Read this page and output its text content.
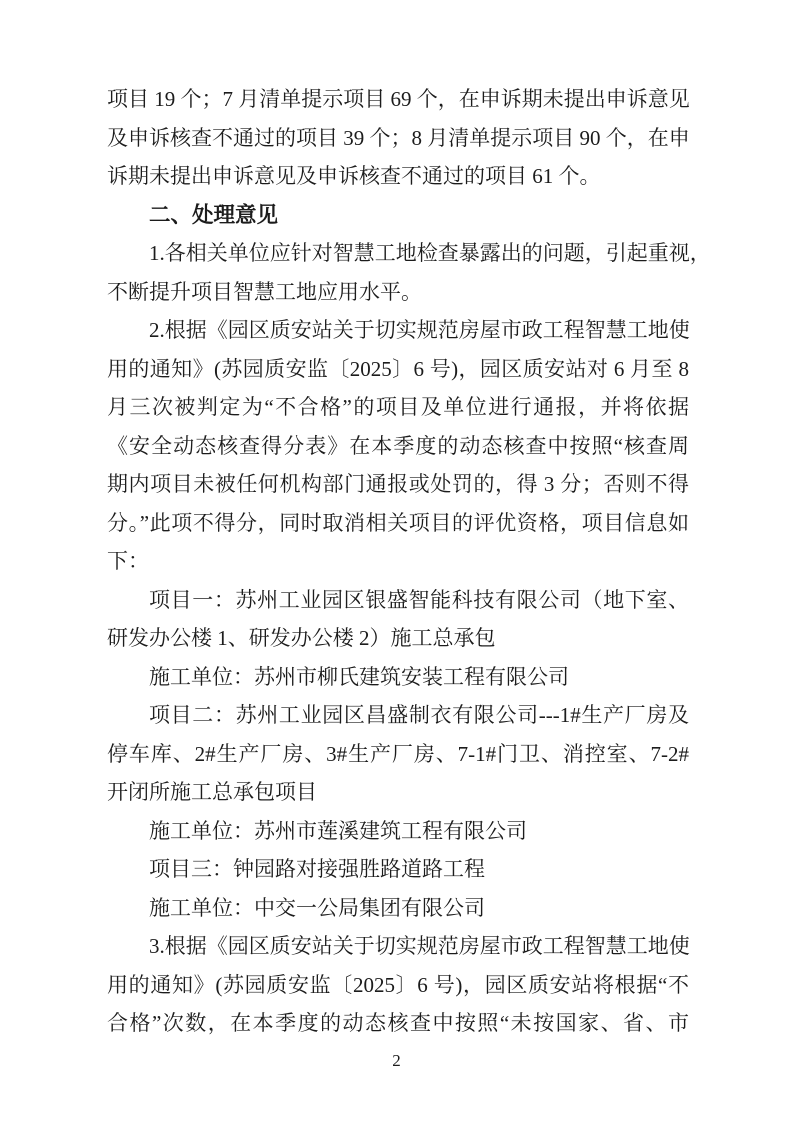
项目 19 个；7 月清单提示项目 69 个，在申诉期未提出申诉意见
及申诉核查不通过的项目 39 个；8 月清单提示项目 90 个，在申
诉期未提出申诉意见及申诉核查不通过的项目 61 个。
二、处理意见
1.各相关单位应针对智慧工地检查暴露出的问题，引起重视，
不断提升项目智慧工地应用水平。
2.根据《园区质安站关于切实规范房屋市政工程智慧工地使
用的通知》(苏园质安监〔2025〕6 号)，园区质安站对 6 月至 8
月三次被判定为“不合格”的项目及单位进行通报，并将依据
《安全动态核查得分表》在本季度的动态核查中按照“核查周
期内项目未被任何机构部门通报或处罚的，得 3 分；否则不得
分。”此项不得分，同时取消相关项目的评优资格，项目信息如
下：
项目一：苏州工业园区银盛智能科技有限公司（地下室、
研发办公楼 1、研发办公楼 2）施工总承包
施工单位：苏州市柳氏建筑安装工程有限公司
项目二：苏州工业园区昌盛制衣有限公司---1#生产厂房及
停车库、2#生产厂房、3#生产厂房、7-1#门卫、消控室、7-2#
开闭所施工总承包项目
施工单位：苏州市莲溪建筑工程有限公司
项目三：钟园路对接强胜路道路工程
施工单位：中交一公局集团有限公司
3.根据《园区质安站关于切实规范房屋市政工程智慧工地使
用的通知》(苏园质安监〔2025〕6 号)，园区质安站将根据“不
合格”次数，在本季度的动态核查中按照“未按国家、省、市
2
